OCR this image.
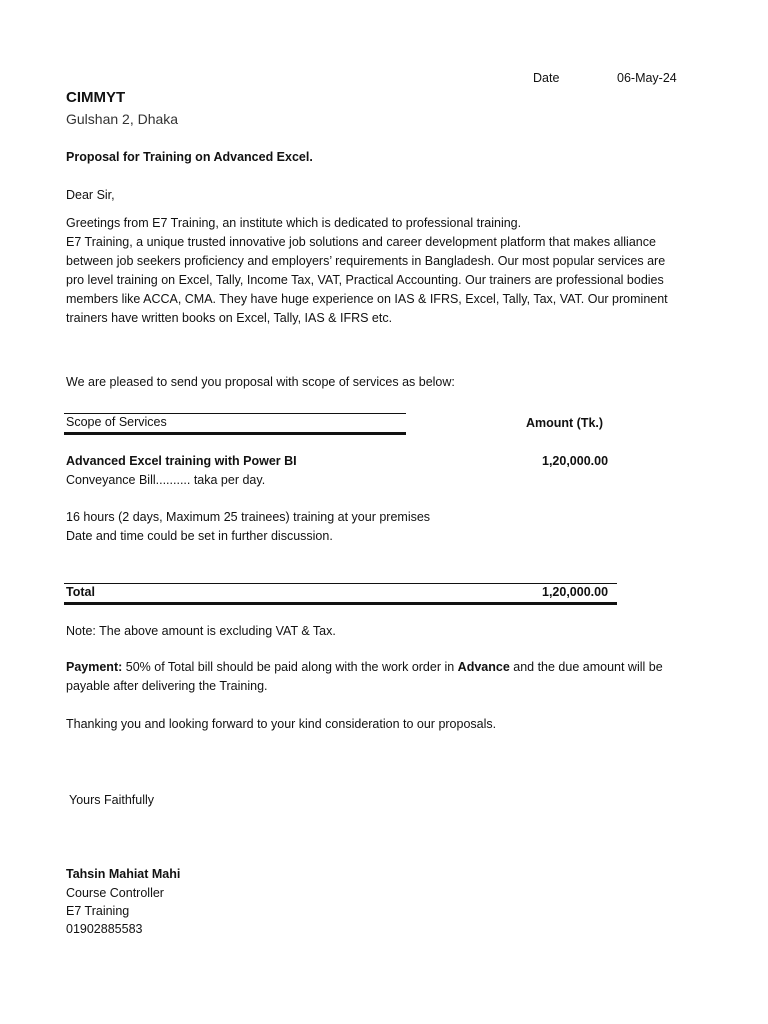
Date	06-May-24
CIMMYT
Gulshan 2, Dhaka
Proposal for Training on Advanced Excel.
Dear Sir,
Greetings from E7 Training, an institute which is dedicated to professional training.
E7 Training, a unique trusted innovative job solutions and career development platform that makes alliance
between job seekers proficiency and employers’ requirements in Bangladesh. Our most popular services are
pro level training on Excel, Tally, Income Tax, VAT, Practical Accounting. Our trainers are professional bodies
members like ACCA, CMA. They have huge experience on IAS & IFRS, Excel, Tally, Tax, VAT. Our prominent
trainers have written books on Excel, Tally, IAS & IFRS etc.
We are pleased to send you proposal with scope of services as below:
Scope of Services	Amount (Tk.)
Advanced Excel training with Power BI	1,20,000.00
Conveyance Bill.......... taka per day.
16 hours (2 days, Maximum 25 trainees) training at your premises
Date and time could be set in further discussion.
Total	1,20,000.00
Note: The above amount is excluding VAT & Tax.
Payment: 50% of Total bill should be paid along with the work order in Advance and the due amount will be
payable after delivering the Training.
Thanking you and looking forward to your kind consideration to our proposals.
Yours Faithfully
Tahsin Mahiat Mahi
Course Controller
E7 Training
01902885583
